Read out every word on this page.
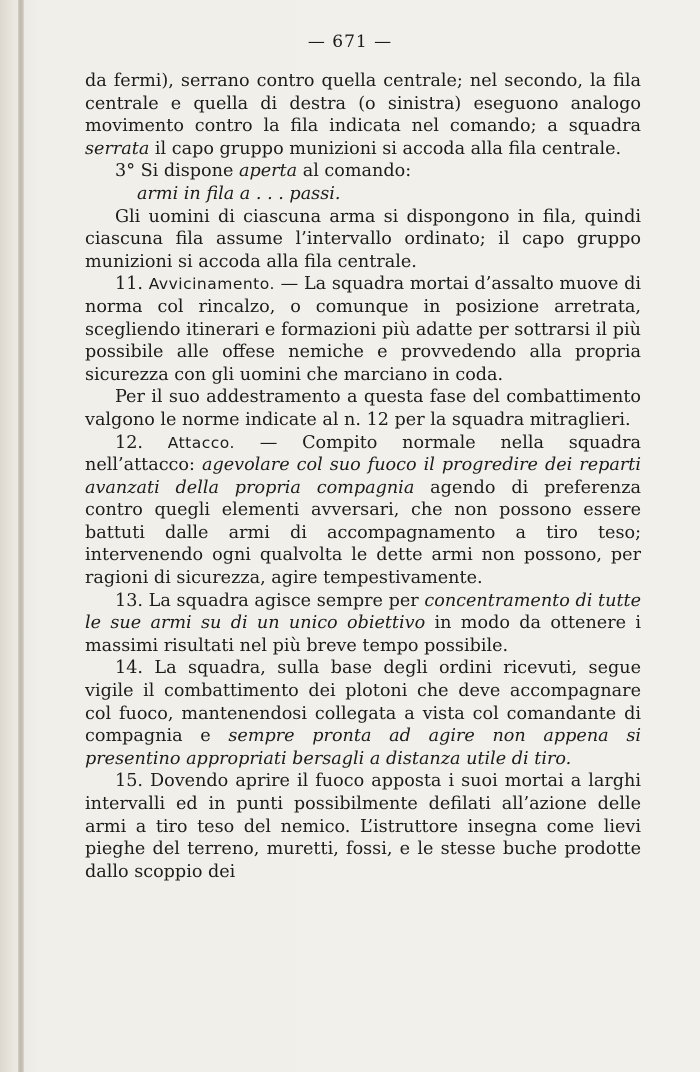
— 671 —

da fermi), serrano contro quella centrale; nel secondo, la fila centrale e quella di destra (o sinistra) eseguono analogo movimento contro la fila indicata nel comando; a squadra serrata il capo gruppo munizioni si accoda alla fila centrale.

3° Si dispone aperta al comando:

armi in fila a . . . passi.

Gli uomini di ciascuna arma si dispongono in fila, quindi ciascuna fila assume l’intervallo ordinato; il capo gruppo munizioni si accoda alla fila centrale.

11. Avvicinamento. — La squadra mortai d’assalto muove di norma col rincalzo, o comunque in posizione arretrata, scegliendo itinerari e formazioni più adatte per sottrarsi il più possibile alle offese nemiche e provvedendo alla propria sicurezza con gli uomini che marciano in coda.

Per il suo addestramento a questa fase del combattimento valgono le norme indicate al n. 12 per la squadra mitraglieri.

12. Attacco. — Compito normale nella squadra nell’attacco: agevolare col suo fuoco il progredire dei reparti avanzati della propria compagnia agendo di preferenza contro quegli elementi avversari, che non possono essere battuti dalle armi di accompagnamento a tiro teso; intervenendo ogni qualvolta le dette armi non possono, per ragioni di sicurezza, agire tempestivamente.

13. La squadra agisce sempre per concentramento di tutte le sue armi su di un unico obiettivo in modo da ottenere i massimi risultati nel più breve tempo possibile.

14. La squadra, sulla base degli ordini ricevuti, segue vigile il combattimento dei plotoni che deve accompagnare col fuoco, mantenendosi collegata a vista col comandante di compagnia e sempre pronta ad agire non appena si presentino appropriati bersagli a distanza utile di tiro.

15. Dovendo aprire il fuoco apposta i suoi mortai a larghi intervalli ed in punti possibilmente defilati all’azione delle armi a tiro teso del nemico. L’istruttore insegna come lievi pieghe del terreno, muretti, fossi, e le stesse buche prodotte dallo scoppio dei
